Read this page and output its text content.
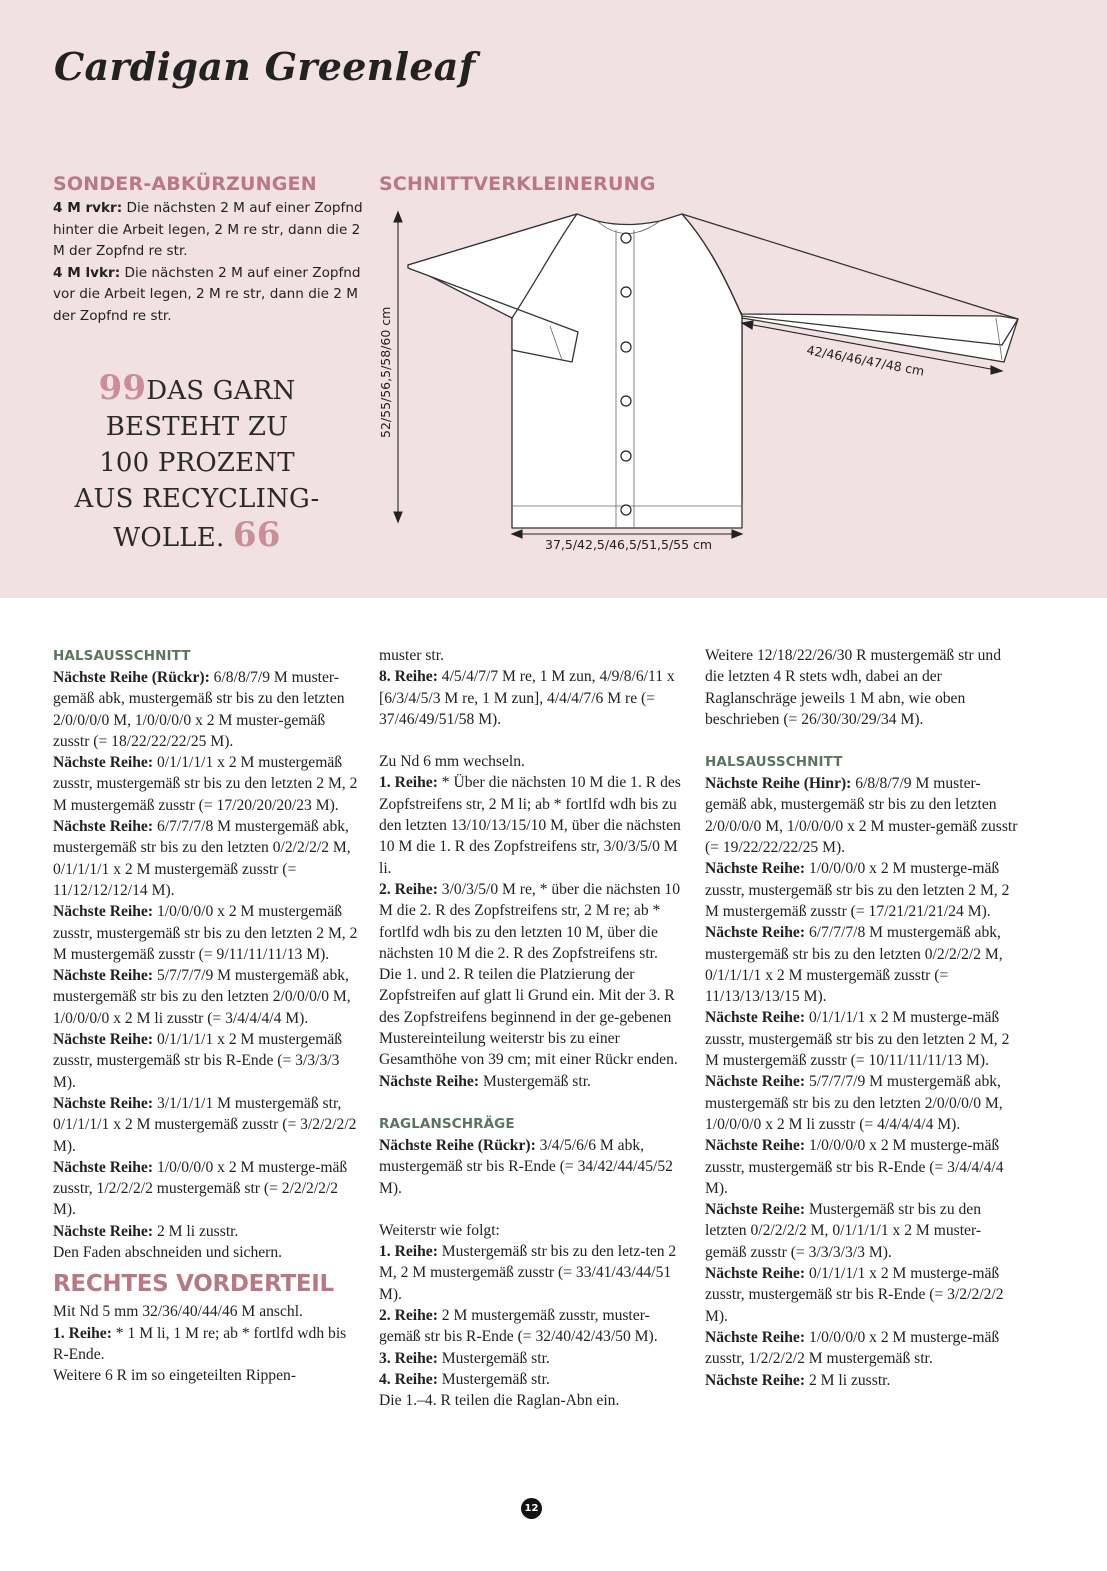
Cardigan Greenleaf
SONDER-ABKÜRZUNGEN

4 M rvkr: Die nächsten 2 M auf einer Zopfnd hinter die Arbeit legen, 2 M re str, dann die 2 M der Zopfnd re str.

4 M lvkr: Die nächsten 2 M auf einer Zopfnd vor die Arbeit legen, 2 M re str, dann die 2 M der Zopfnd re str.

99DAS GARN
BESTEHT ZU
100 PROZENT
AUS RECYCLING-
WOLLE. 66
SCHNITTVERKLEINERUNG
52/55/56,5/58/60 cm
37,5/42,5/46,5/51,5/55 cm
42/46/46/47/48 cm
HALSAUSSCHNITT

Nächste Reihe (Rückr): 6/8/8/7/9 M muster-gemäß abk, mustergemäß str bis zu den letzten 2/0/0/0/0 M, 1/0/0/0/0 x 2 M muster-gemäß zusstr (= 18/22/22/22/25 M).

Nächste Reihe: 0/1/1/1/1 x 2 M mustergemäß zusstr, mustergemäß str bis zu den letzten 2 M, 2 M mustergemäß zusstr (= 17/20/20/20/23 M).

Nächste Reihe: 6/7/7/7/8 M mustergemäß abk, mustergemäß str bis zu den letzten 0/2/2/2/2 M, 0/1/1/1/1 x 2 M mustergemäß zusstr (= 11/12/12/12/14 M).

Nächste Reihe: 1/0/0/0/0 x 2 M mustergemäß zusstr, mustergemäß str bis zu den letzten 2 M, 2 M mustergemäß zusstr (= 9/11/11/11/13 M).

Nächste Reihe: 5/7/7/7/9 M mustergemäß abk, mustergemäß str bis zu den letzten 2/0/0/0/0 M, 1/0/0/0/0 x 2 M li zusstr (= 3/4/4/4/4 M).

Nächste Reihe: 0/1/1/1/1 x 2 M mustergemäß zusstr, mustergemäß str bis R-Ende (= 3/3/3/3 M).

Nächste Reihe: 3/1/1/1/1 M mustergemäß str, 0/1/1/1/1 x 2 M mustergemäß zusstr (= 3/2/2/2/2 M).

Nächste Reihe: 1/0/0/0/0 x 2 M musterge-mäß zusstr, 1/2/2/2/2 mustergemäß str (= 2/2/2/2/2 M).

Nächste Reihe: 2 M li zusstr.

Den Faden abschneiden und sichern.

RECHTES VORDERTEIL

Mit Nd 5 mm 32/36/40/44/46 M anschl.

1. Reihe: * 1 M li, 1 M re; ab * fortlfd wdh bis R-Ende.

Weitere 6 R im so eingeteilten Rippen-

muster str.

8. Reihe: 4/5/4/7/7 M re, 1 M zun, 4/9/8/6/11 x [6/3/4/5/3 M re, 1 M zun], 4/4/4/7/6 M re (= 37/46/49/51/58 M).

Zu Nd 6 mm wechseln.

1. Reihe: * Über die nächsten 10 M die 1. R des Zopfstreifens str, 2 M li; ab * fortlfd wdh bis zu den letzten 13/10/13/15/10 M, über die nächsten 10 M die 1. R des Zopfstreifens str, 3/0/3/5/0 M li.

2. Reihe: 3/0/3/5/0 M re, * über die nächsten 10 M die 2. R des Zopfstreifens str, 2 M re; ab * fortlfd wdh bis zu den letzten 10 M, über die nächsten 10 M die 2. R des Zopfstreifens str.

Die 1. und 2. R teilen die Platzierung der Zopfstreifen auf glatt li Grund ein. Mit der 3. R des Zopfstreifens beginnend in der ge-gebenen Mustereinteilung weiterstr bis zu einer Gesamthöhe von 39 cm; mit einer Rückr enden.

Nächste Reihe: Mustergemäß str.

RAGLANSCHRÄGE

Nächste Reihe (Rückr): 3/4/5/6/6 M abk, mustergemäß str bis R-Ende (= 34/42/44/45/52 M).

Weiterstr wie folgt:

1. Reihe: Mustergemäß str bis zu den letz-ten 2 M, 2 M mustergemäß zusstr (= 33/41/43/44/51 M).

2. Reihe: 2 M mustergemäß zusstr, muster-gemäß str bis R-Ende (= 32/40/42/43/50 M).

3. Reihe: Mustergemäß str.

4. Reihe: Mustergemäß str.

Die 1.–4. R teilen die Raglan-Abn ein.

Weitere 12/18/22/26/30 R mustergemäß str und die letzten 4 R stets wdh, dabei an der Raglanschräge jeweils 1 M abn, wie oben beschrieben (= 26/30/30/29/34 M).

HALSAUSSCHNITT

Nächste Reihe (Hinr): 6/8/8/7/9 M muster-gemäß abk, mustergemäß str bis zu den letzten 2/0/0/0/0 M, 1/0/0/0/0 x 2 M muster-gemäß zusstr (= 19/22/22/22/25 M).

Nächste Reihe: 1/0/0/0/0 x 2 M musterge-mäß zusstr, mustergemäß str bis zu den letzten 2 M, 2 M mustergemäß zusstr (= 17/21/21/21/24 M).

Nächste Reihe: 6/7/7/7/8 M mustergemäß abk, mustergemäß str bis zu den letzten 0/2/2/2/2 M, 0/1/1/1/1 x 2 M mustergemäß zusstr (= 11/13/13/13/15 M).

Nächste Reihe: 0/1/1/1/1 x 2 M musterge-mäß zusstr, mustergemäß str bis zu den letzten 2 M, 2 M mustergemäß zusstr (= 10/11/11/11/13 M).

Nächste Reihe: 5/7/7/7/9 M mustergemäß abk, mustergemäß str bis zu den letzten 2/0/0/0/0 M, 1/0/0/0/0 x 2 M li zusstr (= 4/4/4/4/4 M).

Nächste Reihe: 1/0/0/0/0 x 2 M musterge-mäß zusstr, mustergemäß str bis R-Ende (= 3/4/4/4/4 M).

Nächste Reihe: Mustergemäß str bis zu den letzten 0/2/2/2/2 M, 0/1/1/1/1 x 2 M muster-gemäß zusstr (= 3/3/3/3/3 M).

Nächste Reihe: 0/1/1/1/1 x 2 M musterge-mäß zusstr, mustergemäß str bis R-Ende (= 3/2/2/2/2 M).

Nächste Reihe: 1/0/0/0/0 x 2 M musterge-mäß zusstr, 1/2/2/2/2 M mustergemäß str.

Nächste Reihe: 2 M li zusstr.

12
